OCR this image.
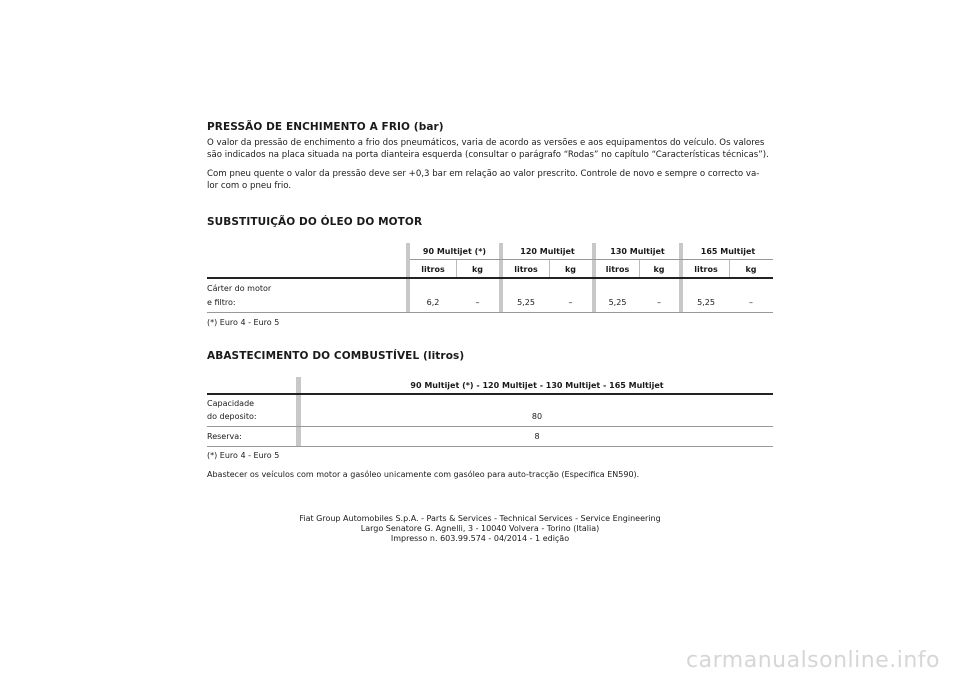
PRESSÃO DE ENCHIMENTO A FRIO (bar)
O valor da pressão de enchimento a frio dos pneumáticos, varia de acordo as versões e aos equipamentos do veículo. Os valores
são indicados na placa situada na porta dianteira esquerda (consultar o parágrafo “Rodas” no capítulo “Características técnicas”).
Com pneu quente o valor da pressão deve ser +0,3 bar em relação ao valor prescrito. Controle de novo e sempre o correcto va-
lor com o pneu frio.
SUBSTITUIÇÃO DO ÓLEO DO MOTOR
90 Multijet (*)	120 Multijet	130 Multijet	165 Multijet
litros	kg	litros	kg	litros	kg	litros	kg
Cárter do motor
e filtro:	6,2	–	5,25	–	5,25	–	5,25	–
(*) Euro 4 - Euro 5
ABASTECIMENTO DO COMBUSTÍVEL (litros)
90 Multijet (*) - 120 Multijet - 130 Multijet - 165 Multijet
Capacidade
do deposito:	80
Reserva:	8
(*) Euro 4 - Euro 5
Abastecer os veículos com motor a gasóleo unicamente com gasóleo para auto-tracção (Especifica EN590).
Fiat Group Automobiles S.p.A. - Parts & Services - Technical Services - Service Engineering
Largo Senatore G. Agnelli, 3 - 10040 Volvera - Torino (Italia)
Impresso n. 603.99.574 - 04/2014 - 1 edição
carmanualsonline.info
